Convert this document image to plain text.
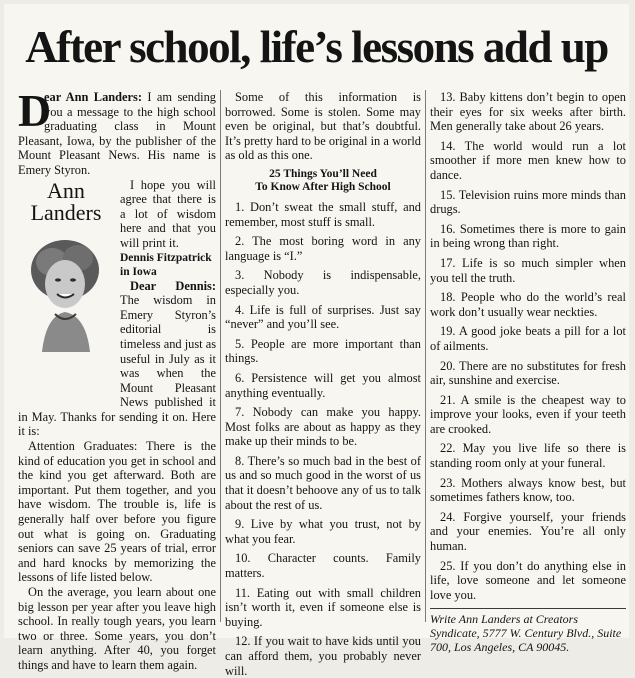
After school, life’s lessons add up

D
ear Ann Landers: I am sending you a message to the high school graduating class in Mount Pleasant, Iowa, by the publisher of the Mount Pleasant News. His name is Emery Styron.

Ann
Landers

I hope you will agree that there is a lot of wisdom here and that you will print it.

Dennis Fitzpatrick in Iowa

Dear Dennis: The wisdom in Emery Styron’s editorial is timeless and just as useful in July as it was when the Mount Pleasant News published it in May. Thanks for sending it on. Here it is:

Attention Graduates: There is the kind of education you get in school and the kind you get afterward. Both are important. Put them together, and you have wisdom. The trouble is, life is generally half over before you figure out what is going on. Graduating seniors can save 25 years of trial, error and hard knocks by memorizing the lessons of life listed below.

On the average, you learn about one big lesson per year after you leave high school. In really tough years, you learn two or three. Some years, you don’t learn anything. After 40, you forget things and have to learn them again.

Some of this information is borrowed. Some is stolen. Some may even be original, but that’s doubtful. It’s pretty hard to be original in a world as old as this one.

25 Things You’ll Need
To Know After High School

1. Don’t sweat the small stuff, and remember, most stuff is small.

2. The most boring word in any language is “I.”

3. Nobody is indispensable, especially you.

4. Life is full of surprises. Just say “never” and you’ll see.

5. People are more important than things.

6. Persistence will get you almost anything eventually.

7. Nobody can make you happy. Most folks are about as happy as they make up their minds to be.

8. There’s so much bad in the best of us and so much good in the worst of us that it doesn’t behoove any of us to talk about the rest of us.

9. Live by what you trust, not by what you fear.

10. Character counts. Family matters.

11. Eating out with small children isn’t worth it, even if someone else is buying.

12. If you wait to have kids until you can afford them, you probably never will.

13. Baby kittens don’t begin to open their eyes for six weeks after birth. Men generally take about 26 years.

14. The world would run a lot smoother if more men knew how to dance.

15. Television ruins more minds than drugs.

16. Sometimes there is more to gain in being wrong than right.

17. Life is so much simpler when you tell the truth.

18. People who do the world’s real work don’t usually wear neckties.

19. A good joke beats a pill for a lot of ailments.

20. There are no substitutes for fresh air, sunshine and exercise.

21. A smile is the cheapest way to improve your looks, even if your teeth are crooked.

22. May you live life so there is standing room only at your funeral.

23. Mothers always know best, but sometimes fathers know, too.

24. Forgive yourself, your friends and your enemies. You’re all only human.

25. If you don’t do anything else in life, love someone and let someone love you.

Write Ann Landers at Creators Syndicate, 5777 W. Century Blvd., Suite 700, Los Angeles, CA 90045.
